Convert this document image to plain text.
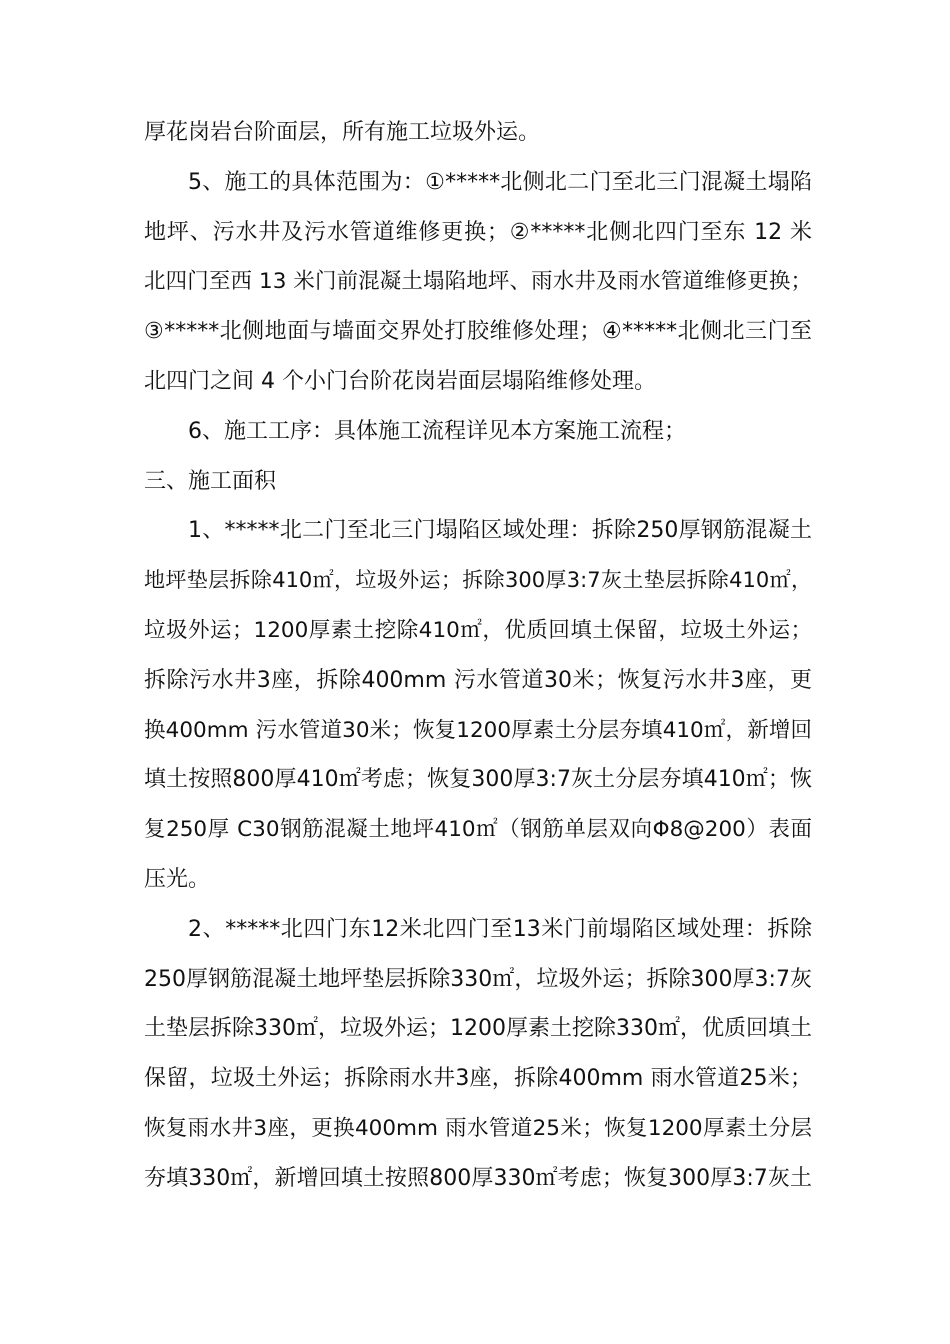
厚花岗岩台阶面层，所有施工垃圾外运。
5、施工的具体范围为：①*****北侧北二门至北三门混凝土塌陷
地坪、污水井及污水管道维修更换；②*****北侧北四门至东 12 米
北四门至西 13 米门前混凝土塌陷地坪、雨水井及雨水管道维修更换；
③*****北侧地面与墙面交界处打胶维修处理；④*****北侧北三门至
北四门之间 4 个小门台阶花岗岩面层塌陷维修处理。
6、施工工序：具体施工流程详见本方案施工流程；
三、施工面积
1、*****北二门至北三门塌陷区域处理：拆除250厚钢筋混凝土
地坪垫层拆除410㎡，垃圾外运；拆除300厚3:7灰土垫层拆除410㎡，
垃圾外运；1200厚素土挖除410㎡，优质回填土保留，垃圾土外运；
拆除污水井3座，拆除400mm 污水管道30米；恢复污水井3座，更
换400mm 污水管道30米；恢复1200厚素土分层夯填410㎡，新增回
填土按照800厚410㎡考虑；恢复300厚3:7灰土分层夯填410㎡；恢
复250厚 C30钢筋混凝土地坪410㎡（钢筋单层双向Φ8@200）表面
压光。
2、*****北四门东12米北四门至13米门前塌陷区域处理：拆除
250厚钢筋混凝土地坪垫层拆除330㎡，垃圾外运；拆除300厚3:7灰
土垫层拆除330㎡，垃圾外运；1200厚素土挖除330㎡，优质回填土
保留，垃圾土外运；拆除雨水井3座，拆除400mm 雨水管道25米；
恢复雨水井3座，更换400mm 雨水管道25米；恢复1200厚素土分层
夯填330㎡，新增回填土按照800厚330㎡考虑；恢复300厚3:7灰土
